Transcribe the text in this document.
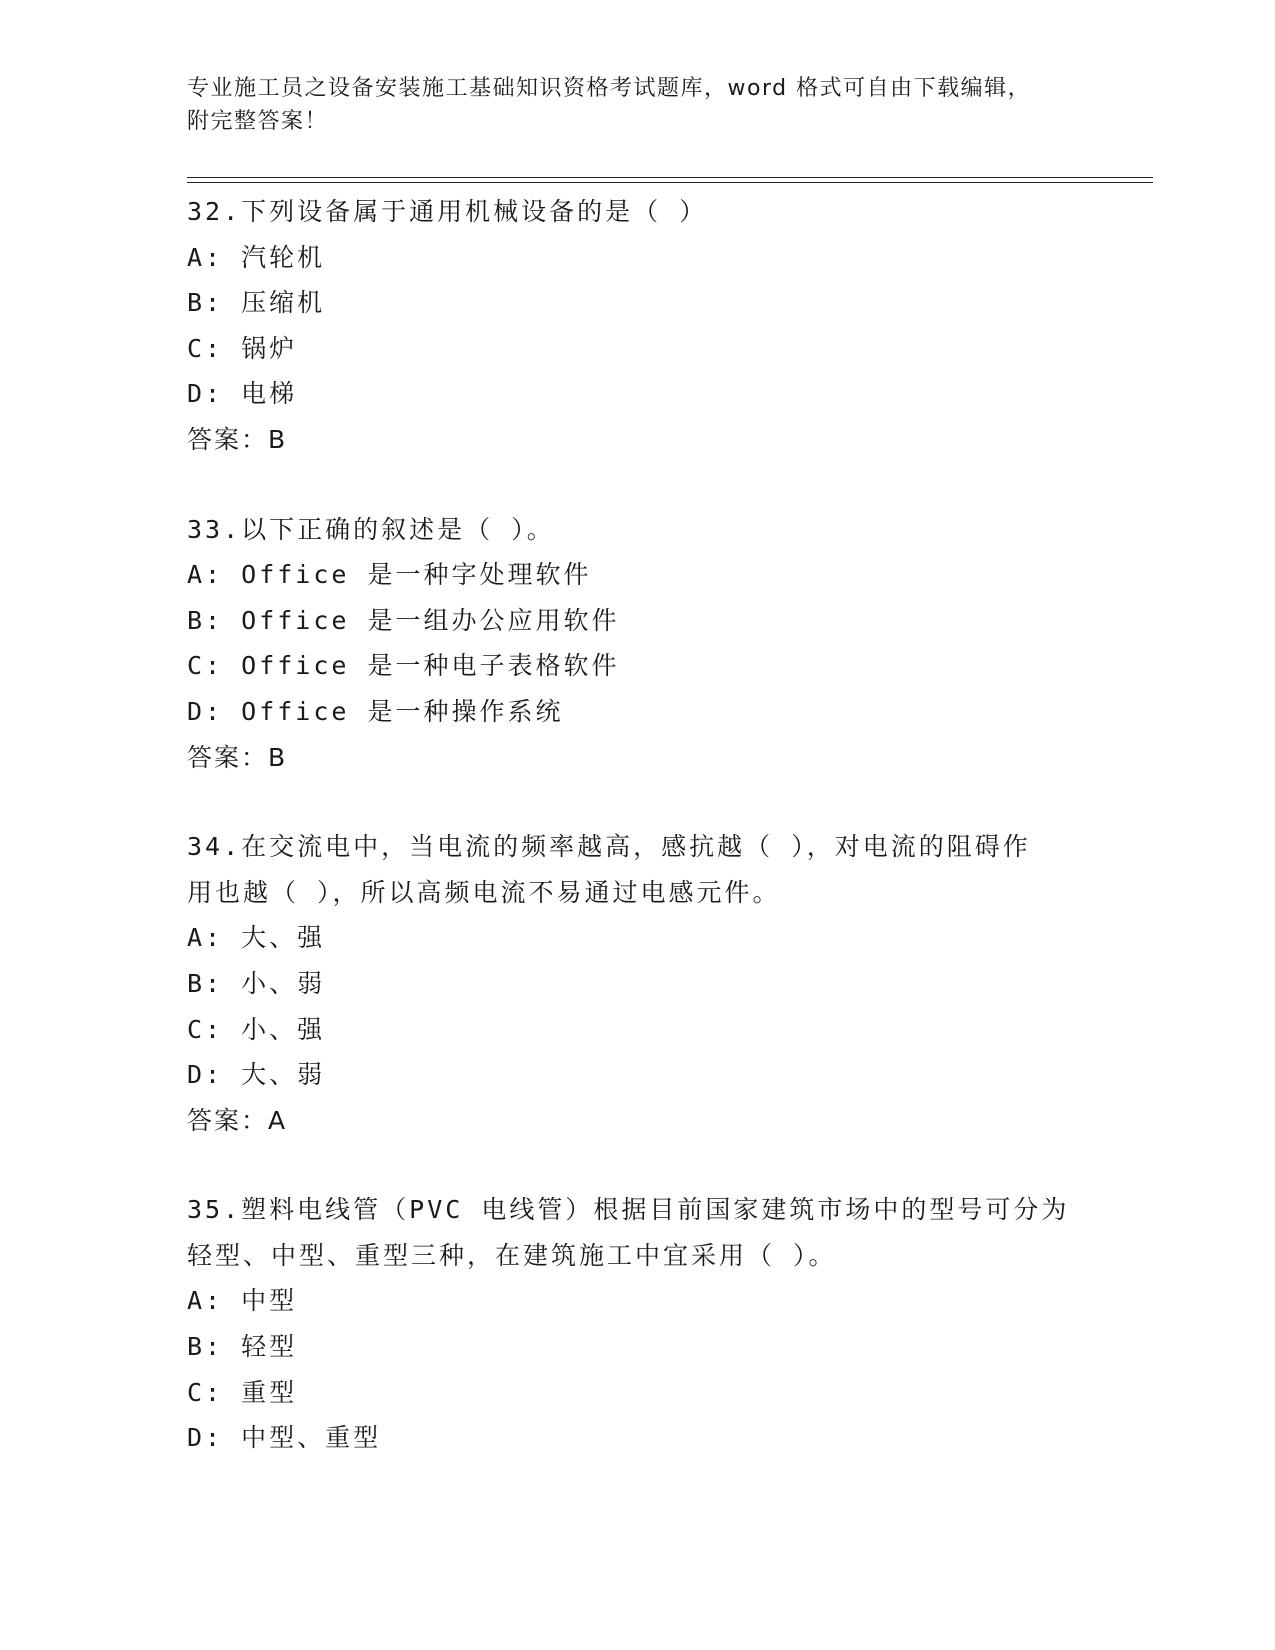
专业施工员之设备安装施工基础知识资格考试题库，word 格式可自由下载编辑，
附完整答案！
32.下列设备属于通用机械设备的是（ ）
A: 汽轮机
B: 压缩机
C: 锅炉
D: 电梯
答案：B
33.以下正确的叙述是（ ）。
A: Office 是一种字处理软件
B: Office 是一组办公应用软件
C: Office 是一种电子表格软件
D: Office 是一种操作系统
答案：B
34.在交流电中，当电流的频率越高，感抗越（ ），对电流的阻碍作
用也越（ ），所以高频电流不易通过电感元件。
A: 大、强
B: 小、弱
C: 小、强
D: 大、弱
答案：A
35.塑料电线管（PVC 电线管）根据目前国家建筑市场中的型号可分为
轻型、中型、重型三种，在建筑施工中宜采用（ ）。
A: 中型
B: 轻型
C: 重型
D: 中型、重型
